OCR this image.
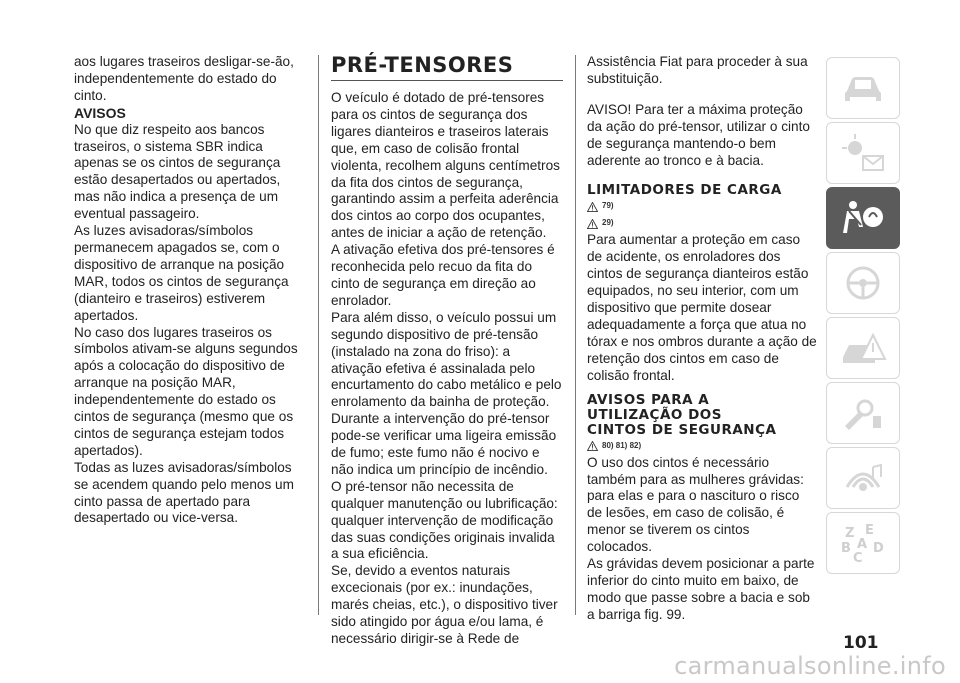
aos lugares traseiros desligar-se-ão, independentemente do estado do cinto.

AVISOS

No que diz respeito aos bancos traseiros, o sistema SBR indica apenas se os cintos de segurança estão desapertados ou apertados, mas não indica a presença de um eventual passageiro.

As luzes avisadoras/símbolos permanecem apagados se, com o dispositivo de arranque na posição MAR, todos os cintos de segurança (dianteiro e traseiros) estiverem apertados.

No caso dos lugares traseiros os símbolos ativam-se alguns segundos após a colocação do dispositivo de arranque na posição MAR, independentemente do estado os cintos de segurança (mesmo que os cintos de segurança estejam todos apertados).

Todas as luzes avisadoras/símbolos se acendem quando pelo menos um cinto passa de apertado para desapertado ou vice-versa.

PRÉ-TENSORES

O veículo é dotado de pré-tensores para os cintos de segurança dos ligares dianteiros e traseiros laterais que, em caso de colisão frontal violenta, recolhem alguns centímetros da fita dos cintos de segurança, garantindo assim a perfeita aderência dos cintos ao corpo dos ocupantes, antes de iniciar a ação de retenção.

A ativação efetiva dos pré-tensores é reconhecida pelo recuo da fita do cinto de segurança em direção ao enrolador.

Para além disso, o veículo possui um segundo dispositivo de pré-tensão (instalado na zona do friso): a ativação efetiva é assinalada pelo encurtamento do cabo metálico e pelo enrolamento da bainha de proteção.

Durante a intervenção do pré-tensor pode-se verificar uma ligeira emissão de fumo; este fumo não é nocivo e não indica um princípio de incêndio.

O pré-tensor não necessita de qualquer manutenção ou lubrificação: qualquer intervenção de modificação das suas condições originais invalida a sua eficiência.

Se, devido a eventos naturais excecionais (por ex.: inundações, marés cheias, etc.), o dispositivo tiver sido atingido por água e/ou lama, é necessário dirigir-se à Rede de

Assistência Fiat para proceder à sua substituição.

AVISO! Para ter a máxima proteção da ação do pré-tensor, utilizar o cinto de segurança mantendo-o bem aderente ao tronco e à bacia.

LIMITADORES DE CARGA
79)
29)

Para aumentar a proteção em caso de acidente, os enroladores dos cintos de segurança dianteiros estão equipados, no seu interior, com um dispositivo que permite dosear adequadamente a força que atua no tórax e nos ombros durante a ação de retenção dos cintos em caso de colisão frontal.

AVISOS PARA A
UTILIZAÇÃO DOS
CINTOS DE SEGURANÇA
80) 81) 82)

O uso dos cintos é necessário também para as mulheres grávidas: para elas e para o nascituro o risco de lesões, em caso de colisão, é menor se tiverem os cintos colocados.

As grávidas devem posicionar a parte inferior do cinto muito em baixo, de modo que passe sobre a bacia e sob a barriga fig. 99.

Z E
B A D
C
101
carmanualsonline.info
